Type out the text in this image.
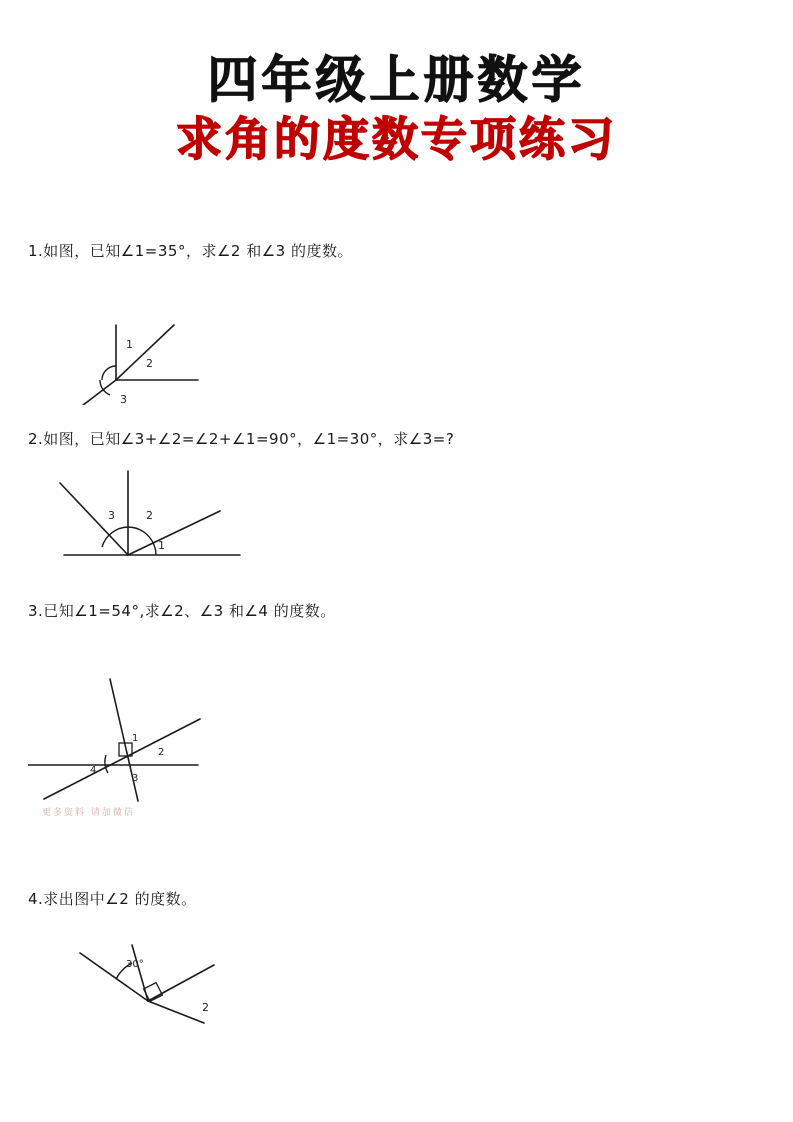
四年级上册数学
求角的度数专项练习
1.如图，已知∠1=35°，求∠2 和∠3 的度数。
1
2
3
2.如图，已知∠3+∠2=∠2+∠1=90°，∠1=30°，求∠3=?
3	2
1
3.已知∠1=54°,求∠2、∠3 和∠4 的度数。
1
2
3
4
更多资料 请加微信
4.求出图中∠2 的度数。
30°
2
